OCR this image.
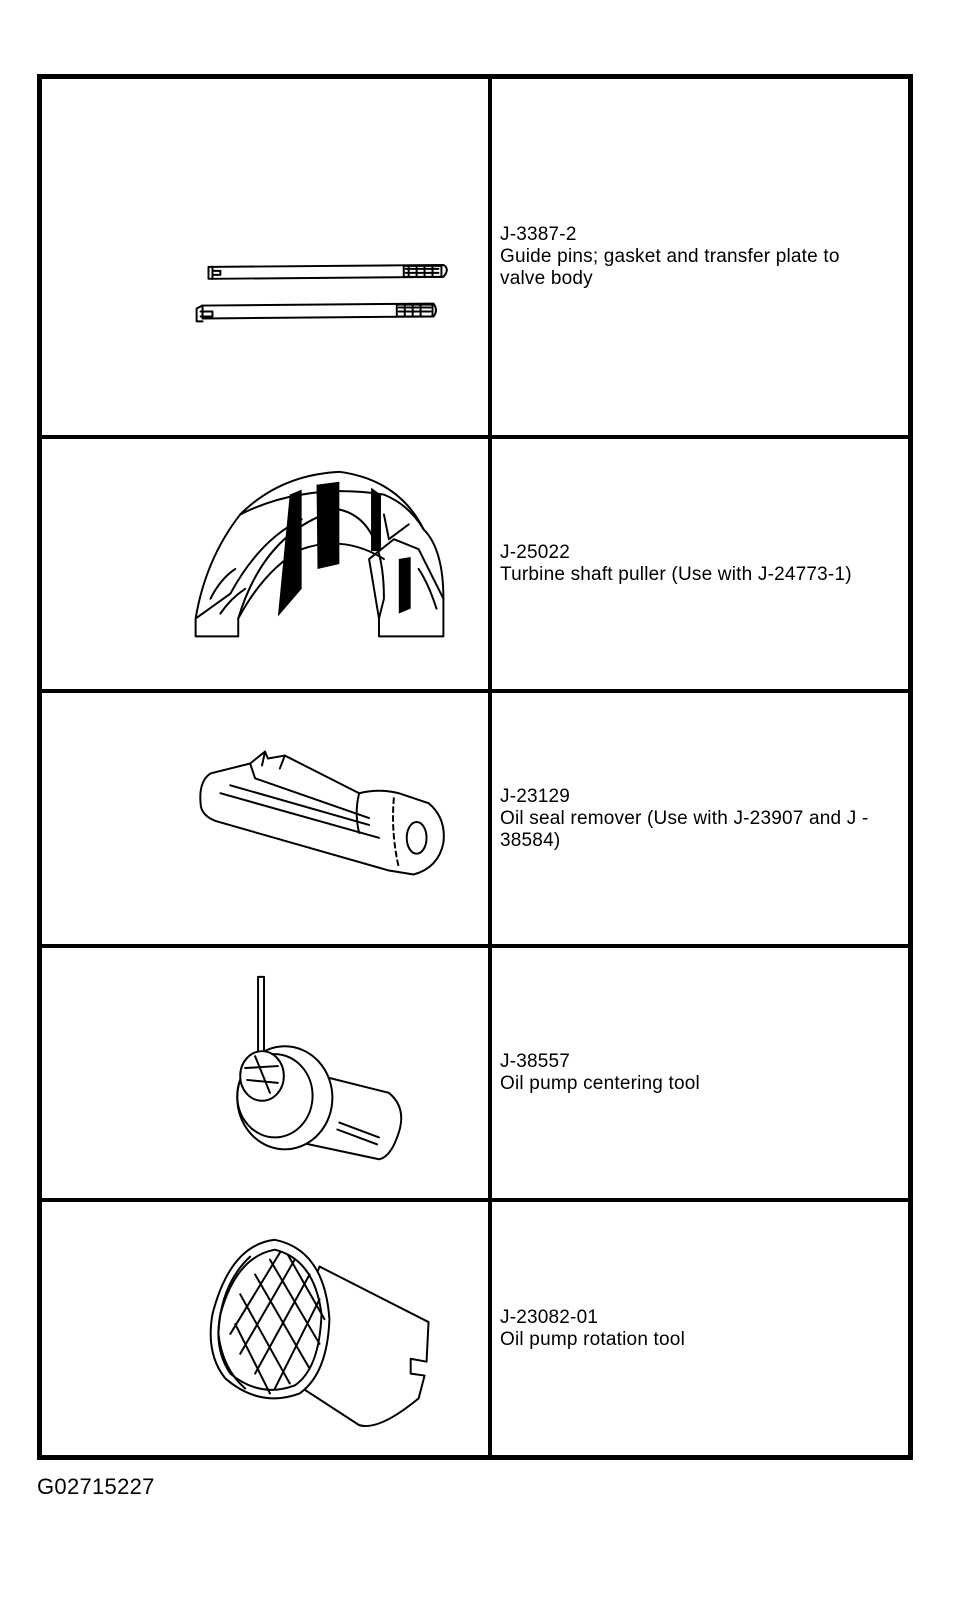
J-3387-2
Guide pins; gasket and transfer plate to valve body
J-25022
Turbine shaft puller (Use with J-24773-1)
J-23129
Oil seal remover (Use with J-23907 and J - 38584)
J-38557
Oil pump centering tool
J-23082-01
Oil pump rotation tool
G02715227
